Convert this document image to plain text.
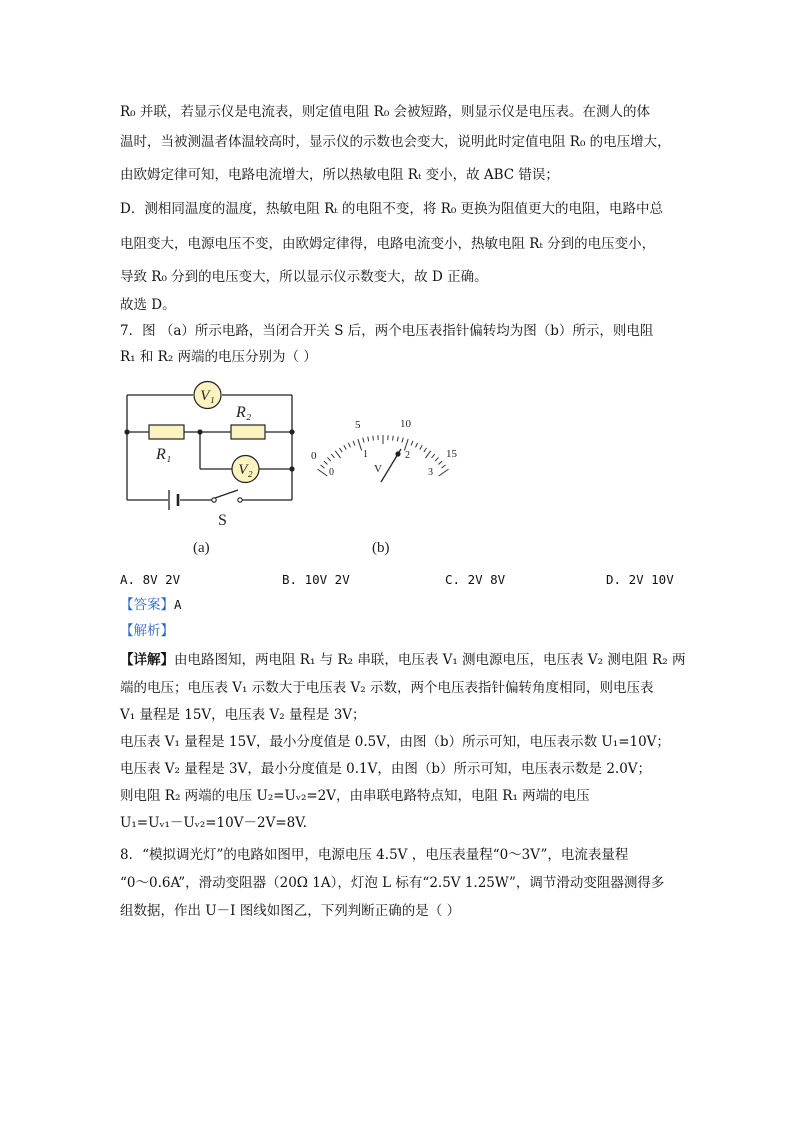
R₀ 并联，若显示仪是电流表，则定值电阻 R₀ 会被短路，则显示仪是电压表。在测人的体
温时，当被测温者体温较高时，显示仪的示数也会变大，说明此时定值电阻 R₀ 的电压增大，
由欧姆定律可知，电路电流增大，所以热敏电阻 Rₜ 变小，故 ABC 错误；
D．测相同温度的温度，热敏电阻 Rₜ 的电阻不变，将 R₀ 更换为阻值更大的电阻，电路中总
电阻变大，电源电压不变，由欧姆定律得，电路电流变小，热敏电阻 Rₜ 分到的电压变小，
导致 R₀ 分到的电压变大，所以显示仪示数变大，故 D 正确。
故选 D。
7．图 （a）所示电路，当闭合开关 S 后，两个电压表指针偏转均为图（b）所示，则电阻
R₁ 和 R₂ 两端的电压分别为（ ）
V₁
V₂
R₁
R₂
S
(a)
0
5	10
15
0
1	2
3
V
(b)
A. 8V 2V	B. 10V 2V	C. 2V 8V	D. 2V 10V
【答案】A
【解析】
【详解】由电路图知，两电阻 R₁ 与 R₂ 串联，电压表 V₁ 测电源电压，电压表 V₂ 测电阻 R₂ 两
端的电压；电压表 V₁ 示数大于电压表 V₂ 示数，两个电压表指针偏转角度相同，则电压表
V₁ 量程是 15V，电压表 V₂ 量程是 3V；
电压表 V₁ 量程是 15V，最小分度值是 0.5V，由图（b）所示可知，电压表示数 U₁=10V；
电压表 V₂ 量程是 3V，最小分度值是 0.1V，由图（b）所示可知，电压表示数是 2.0V；
则电阻 R₂ 两端的电压 U₂=Uᵥ₂=2V，由串联电路特点知，电阻 R₁ 两端的电压
U₁=Uᵥ₁－Uᵥ₂=10V－2V=8V.
8．“模拟调光灯”的电路如图甲，电源电压 4.5V ，电压表量程“0～3V”，电流表量程
“0～0.6A”，滑动变阻器（20Ω 1A），灯泡 L 标有“2.5V 1.25W”，调节滑动变阻器测得多
组数据，作出 U－I 图线如图乙，下列判断正确的是（ ）
